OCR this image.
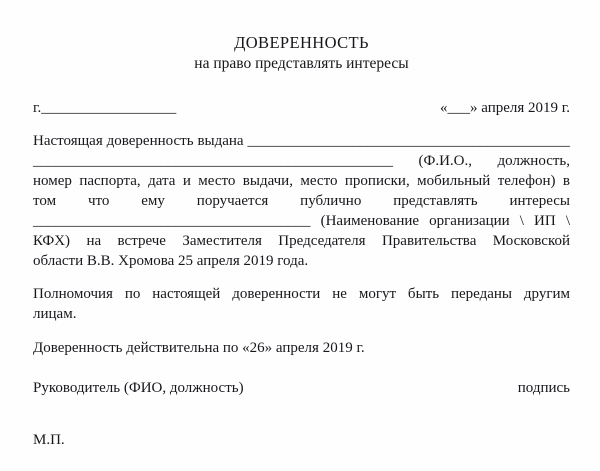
ДОВЕРЕННОСТЬ
на право представлять интересы
г.__________________	«___» апреля 2019 г.
Настоящая доверенность выдана ___________________________________________
________________________________________________ (Ф.И.О., должность,
номер паспорта, дата и место выдачи, место прописки, мобильный телефон) в
том что ему поручается публично представлять интересы
_____________________________________ (Наименование организации \ ИП \
КФХ) на встрече Заместителя Председателя Правительства Московской
области В.В. Хромова 25 апреля 2019 года.
Полномочия по настоящей доверенности не могут быть переданы другим
лицам.
Доверенность действительна по «26» апреля 2019 г.
Руководитель (ФИО, должность)	подпись
М.П.
